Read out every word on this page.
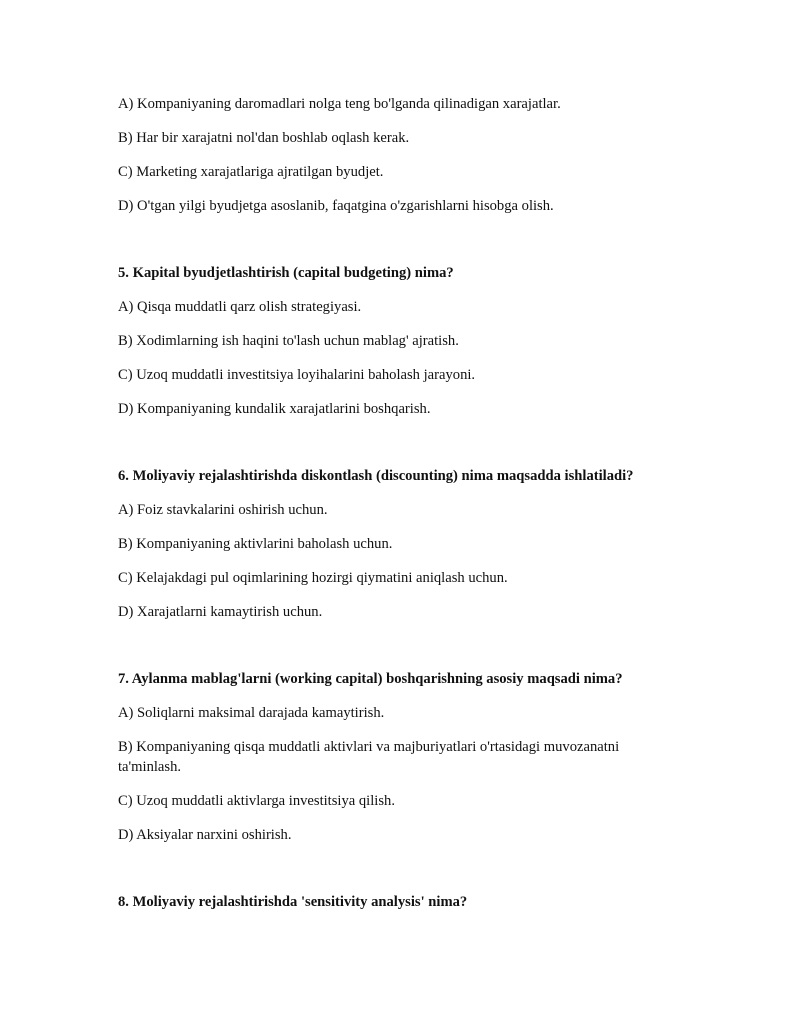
A) Kompaniyaning daromadlari nolga teng bo'lganda qilinadigan xarajatlar.
B) Har bir xarajatni nol'dan boshlab oqlash kerak.
C) Marketing xarajatlariga ajratilgan byudjet.
D) O'tgan yilgi byudjetga asoslanib, faqatgina o'zgarishlarni hisobga olish.
5. Kapital byudjetlashtirish (capital budgeting) nima?
A) Qisqa muddatli qarz olish strategiyasi.
B) Xodimlarning ish haqini to'lash uchun mablag' ajratish.
C) Uzoq muddatli investitsiya loyihalarini baholash jarayoni.
D) Kompaniyaning kundalik xarajatlarini boshqarish.
6. Moliyaviy rejalashtirishda diskontlash (discounting) nima maqsadda ishlatiladi?
A) Foiz stavkalarini oshirish uchun.
B) Kompaniyaning aktivlarini baholash uchun.
C) Kelajakdagi pul oqimlarining hozirgi qiymatini aniqlash uchun.
D) Xarajatlarni kamaytirish uchun.
7. Aylanma mablag'larni (working capital) boshqarishning asosiy maqsadi nima?
A) Soliqlarni maksimal darajada kamaytirish.
B) Kompaniyaning qisqa muddatli aktivlari va majburiyatlari o'rtasidagi muvozanatni ta'minlash.
C) Uzoq muddatli aktivlarga investitsiya qilish.
D) Aksiyalar narxini oshirish.
8. Moliyaviy rejalashtirishda 'sensitivity analysis' nima?
